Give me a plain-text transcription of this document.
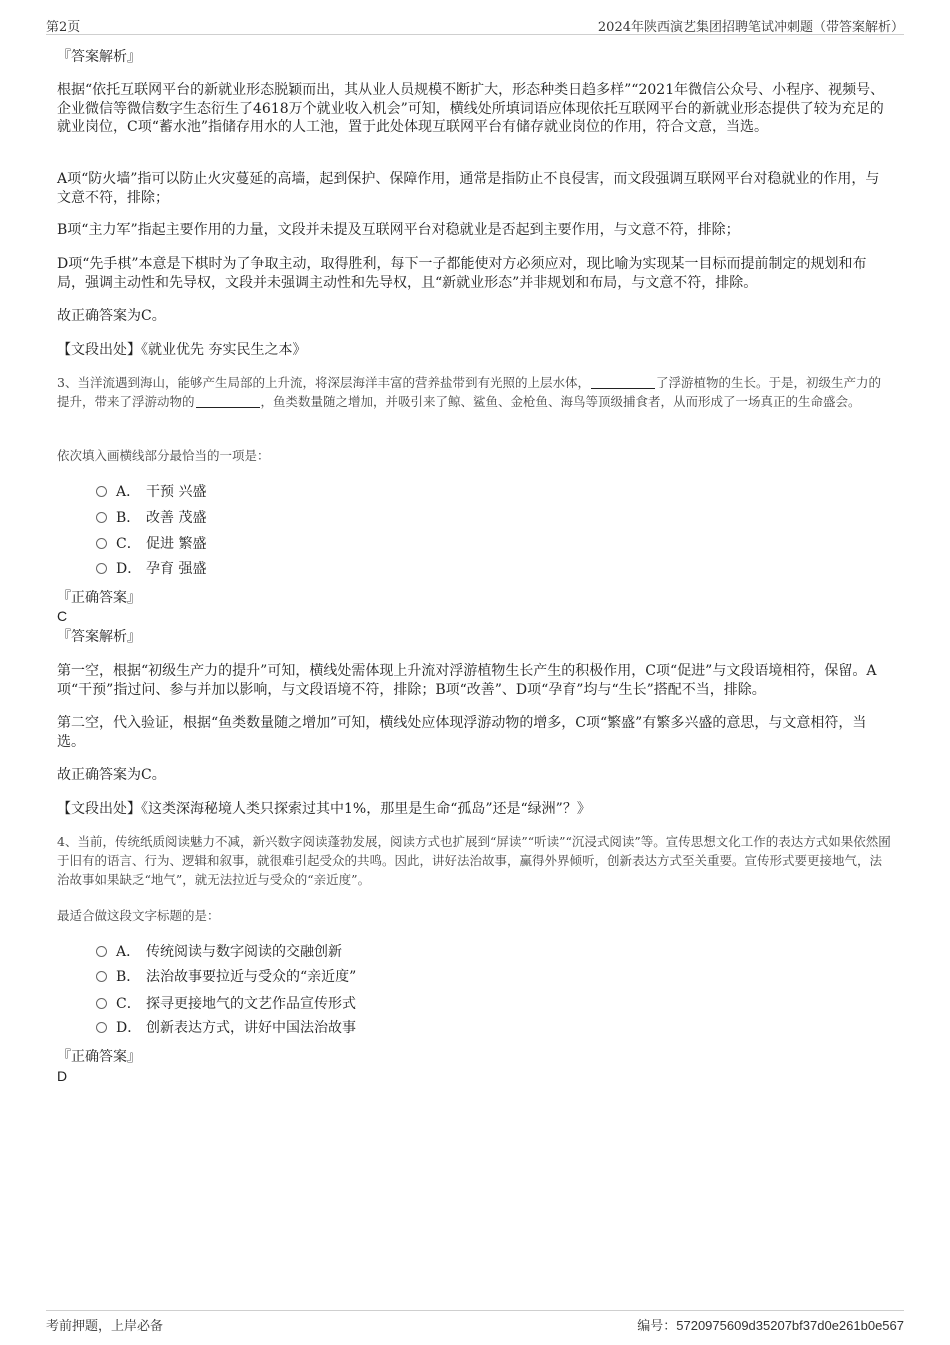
第2页	2024年陕西演艺集团招聘笔试冲刺题（带答案解析）
『答案解析』

根据“依托互联网平台的新就业形态脱颖而出，其从业人员规模不断扩大，形态种类日趋多样”“2021年微信公众号、小程序、视频号、企业微信等微信数字生态衍生了4618万个就业收入机会”可知，横线处所填词语应体现依托互联网平台的新就业形态提供了较为充足的就业岗位，C项“蓄水池”指储存用水的人工池，置于此处体现互联网平台有储存就业岗位的作用，符合文意，当选。

A项“防火墙”指可以防止火灾蔓延的高墙，起到保护、保障作用，通常是指防止不良侵害，而文段强调互联网平台对稳就业的作用，与文意不符，排除；

B项“主力军”指起主要作用的力量，文段并未提及互联网平台对稳就业是否起到主要作用，与文意不符，排除；

D项“先手棋”本意是下棋时为了争取主动，取得胜利，每下一子都能使对方必须应对，现比喻为实现某一目标而提前制定的规划和布局，强调主动性和先导权，文段并未强调主动性和先导权，且“新就业形态”并非规划和布局，与文意不符，排除。

故正确答案为C。

【文段出处】《就业优先 夯实民生之本》

3、当洋流遇到海山，能够产生局部的上升流，将深层海洋丰富的营养盐带到有光照的上层水体，	了浮游植物的生长。于是，初级生产力的提升，带来了浮游动物的	，鱼类数量随之增加，并吸引来了鲸、鲨鱼、金枪鱼、海鸟等顶级捕食者，从而形成了一场真正的生命盛会。

依次填入画横线部分最恰当的一项是：

A． 干预 兴盛
B． 改善 茂盛
C． 促进 繁盛
D． 孕育 强盛
『正确答案』
C
『答案解析』

第一空，根据“初级生产力的提升”可知，横线处需体现上升流对浮游植物生长产生的积极作用，C项“促进”与文段语境相符，保留。A项“干预”指过问、参与并加以影响，与文段语境不符，排除；B项“改善”、D项“孕育”均与“生长”搭配不当，排除。

第二空，代入验证，根据“鱼类数量随之增加”可知，横线处应体现浮游动物的增多，C项“繁盛”有繁多兴盛的意思，与文意相符，当选。

故正确答案为C。

【文段出处】《这类深海秘境人类只探索过其中1%，那里是生命“孤岛”还是“绿洲”？》

4、当前，传统纸质阅读魅力不减，新兴数字阅读蓬勃发展，阅读方式也扩展到“屏读”“听读”“沉浸式阅读”等。宣传思想文化工作的表达方式如果依然囿于旧有的语言、行为、逻辑和叙事，就很难引起受众的共鸣。因此，讲好法治故事，赢得外界倾听，创新表达方式至关重要。宣传形式要更接地气，法治故事如果缺乏“地气”，就无法拉近与受众的“亲近度”。

最适合做这段文字标题的是：

A． 传统阅读与数字阅读的交融创新
B． 法治故事要拉近与受众的“亲近度”
C． 探寻更接地气的文艺作品宣传形式
D． 创新表达方式，讲好中国法治故事
『正确答案』
D
考前押题，上岸必备	编号：5720975609d35207bf37d0e261b0e567
